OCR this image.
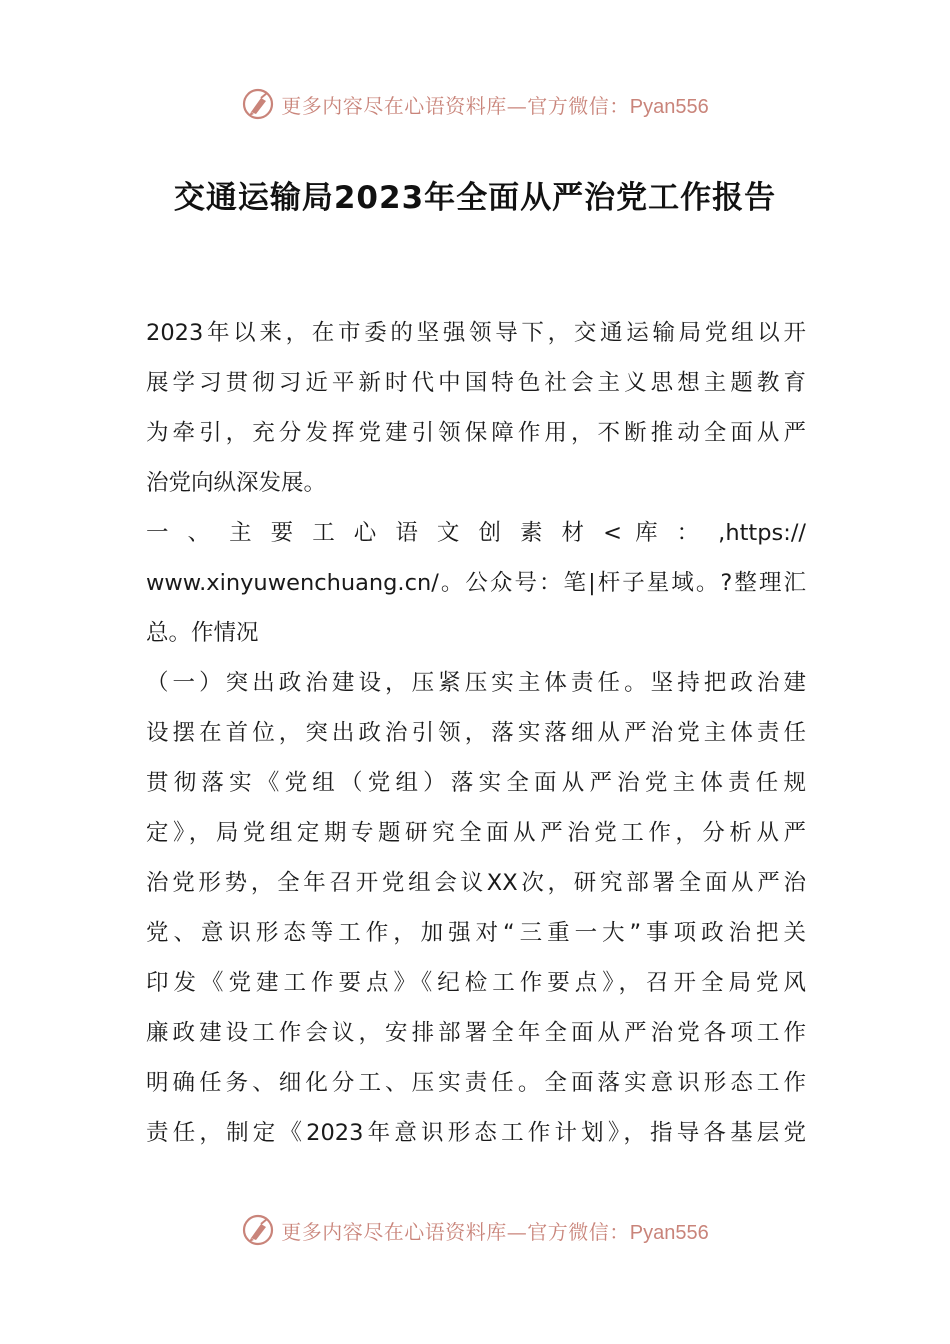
更多内容尽在心语资料库—官方微信：Pyan556
交通运输局2023年全面从严治党工作报告
2023年以来，在市委的坚强领导下，交通运输局党组以开
展学习贯彻习近平新时代中国特色社会主义思想主题教育
为牵引，充分发挥党建引领保障作用，不断推动全面从严
治党向纵深发展。
一 、 主 要 工 心 语 文 创 素 材 < 库 ： ,https://
www.xinyuwenchuang.cn/。公众号：笔|杆子星域。?整理汇
总。作情况
（一）突出政治建设，压紧压实主体责任。坚持把政治建
设摆在首位，突出政治引领，落实落细从严治党主体责任
贯彻落实《党组（党组）落实全面从严治党主体责任规
定》，局党组定期专题研究全面从严治党工作，分析从严
治党形势，全年召开党组会议XX次，研究部署全面从严治
党、意识形态等工作，加强对“三重一大”事项政治把关
印发《党建工作要点》《纪检工作要点》，召开全局党风
廉政建设工作会议，安排部署全年全面从严治党各项工作
明确任务、细化分工、压实责任。全面落实意识形态工作
责任，制定《2023年意识形态工作计划》，指导各基层党
更多内容尽在心语资料库—官方微信：Pyan556
